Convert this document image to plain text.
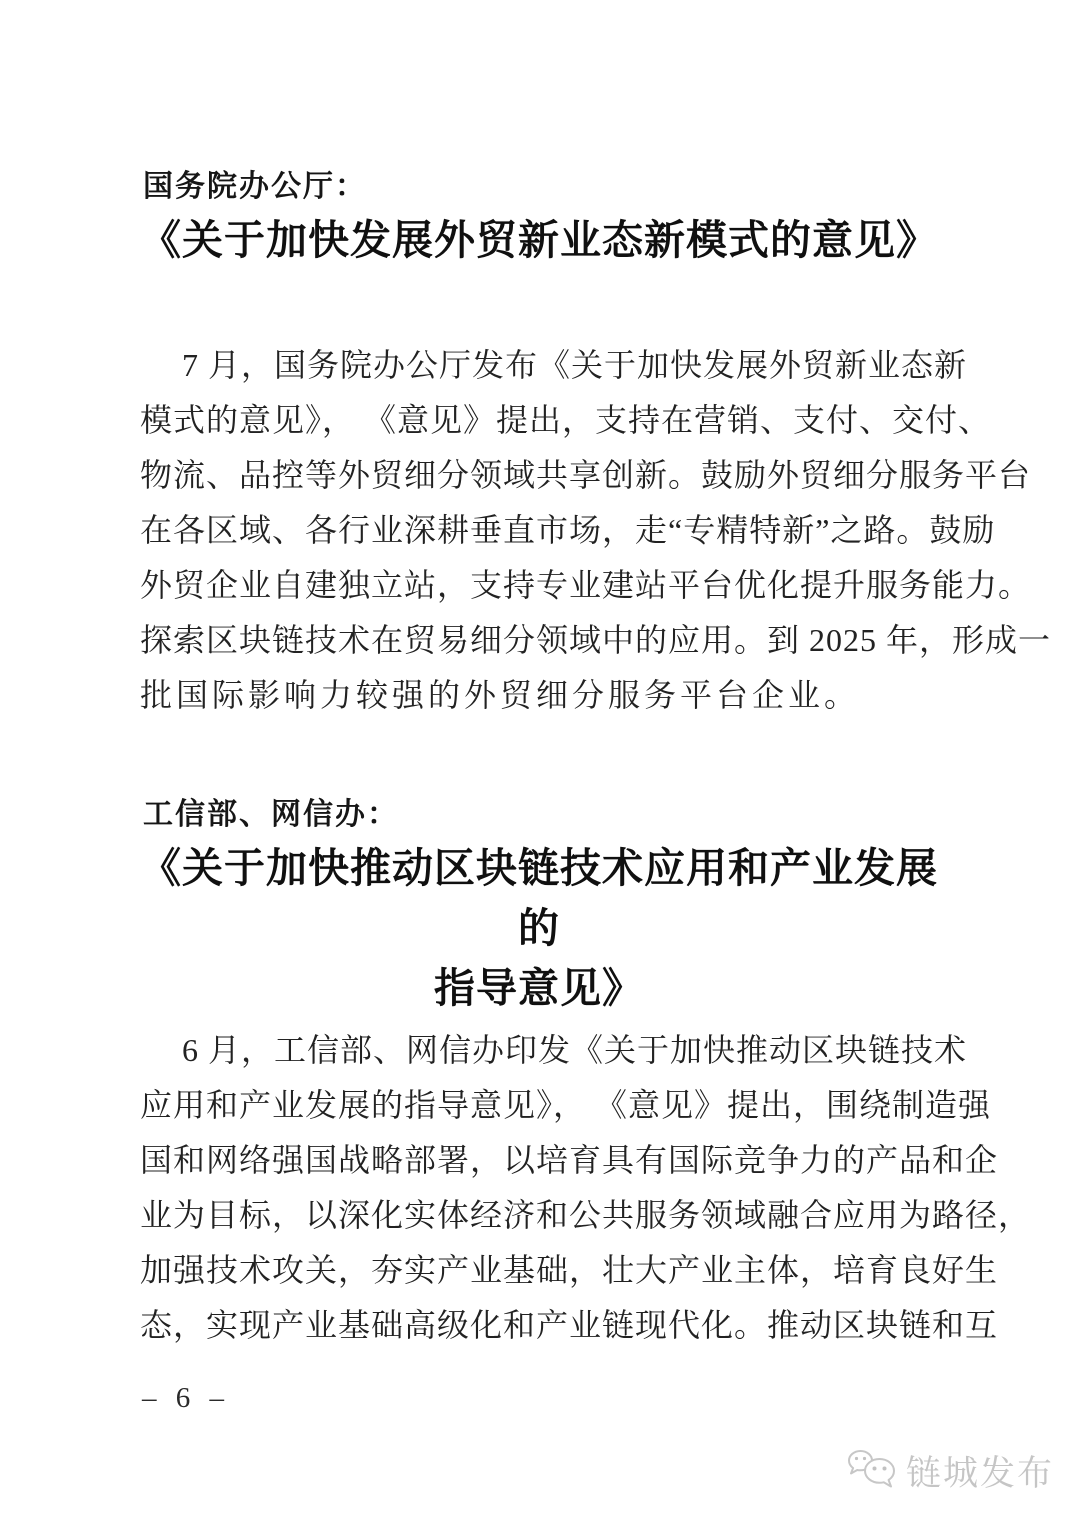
国务院办公厅：
《关于加快发展外贸新业态新模式的意见》
7 月，国务院办公厅发布《关于加快发展外贸新业态新
模式的意见》， 《意见》提出，支持在营销、支付、交付、
物流、品控等外贸细分领域共享创新。鼓励外贸细分服务平台
在各区域、各行业深耕垂直市场，走“专精特新”之路。鼓励
外贸企业自建独立站，支持专业建站平台优化提升服务能力。
探索区块链技术在贸易细分领域中的应用。到 2025 年，形成一
批国际影响力较强的外贸细分服务平台企业。
工信部、网信办：
《关于加快推动区块链技术应用和产业发展的
指导意见》
6 月，工信部、网信办印发《关于加快推动区块链技术
应用和产业发展的指导意见》， 《意见》提出，围绕制造强
国和网络强国战略部署，以培育具有国际竞争力的产品和企
业为目标，以深化实体经济和公共服务领域融合应用为路径，
加强技术攻关，夯实产业基础，壮大产业主体，培育良好生
态，实现产业基础高级化和产业链现代化。推动区块链和互
– 6 –
链城发布
